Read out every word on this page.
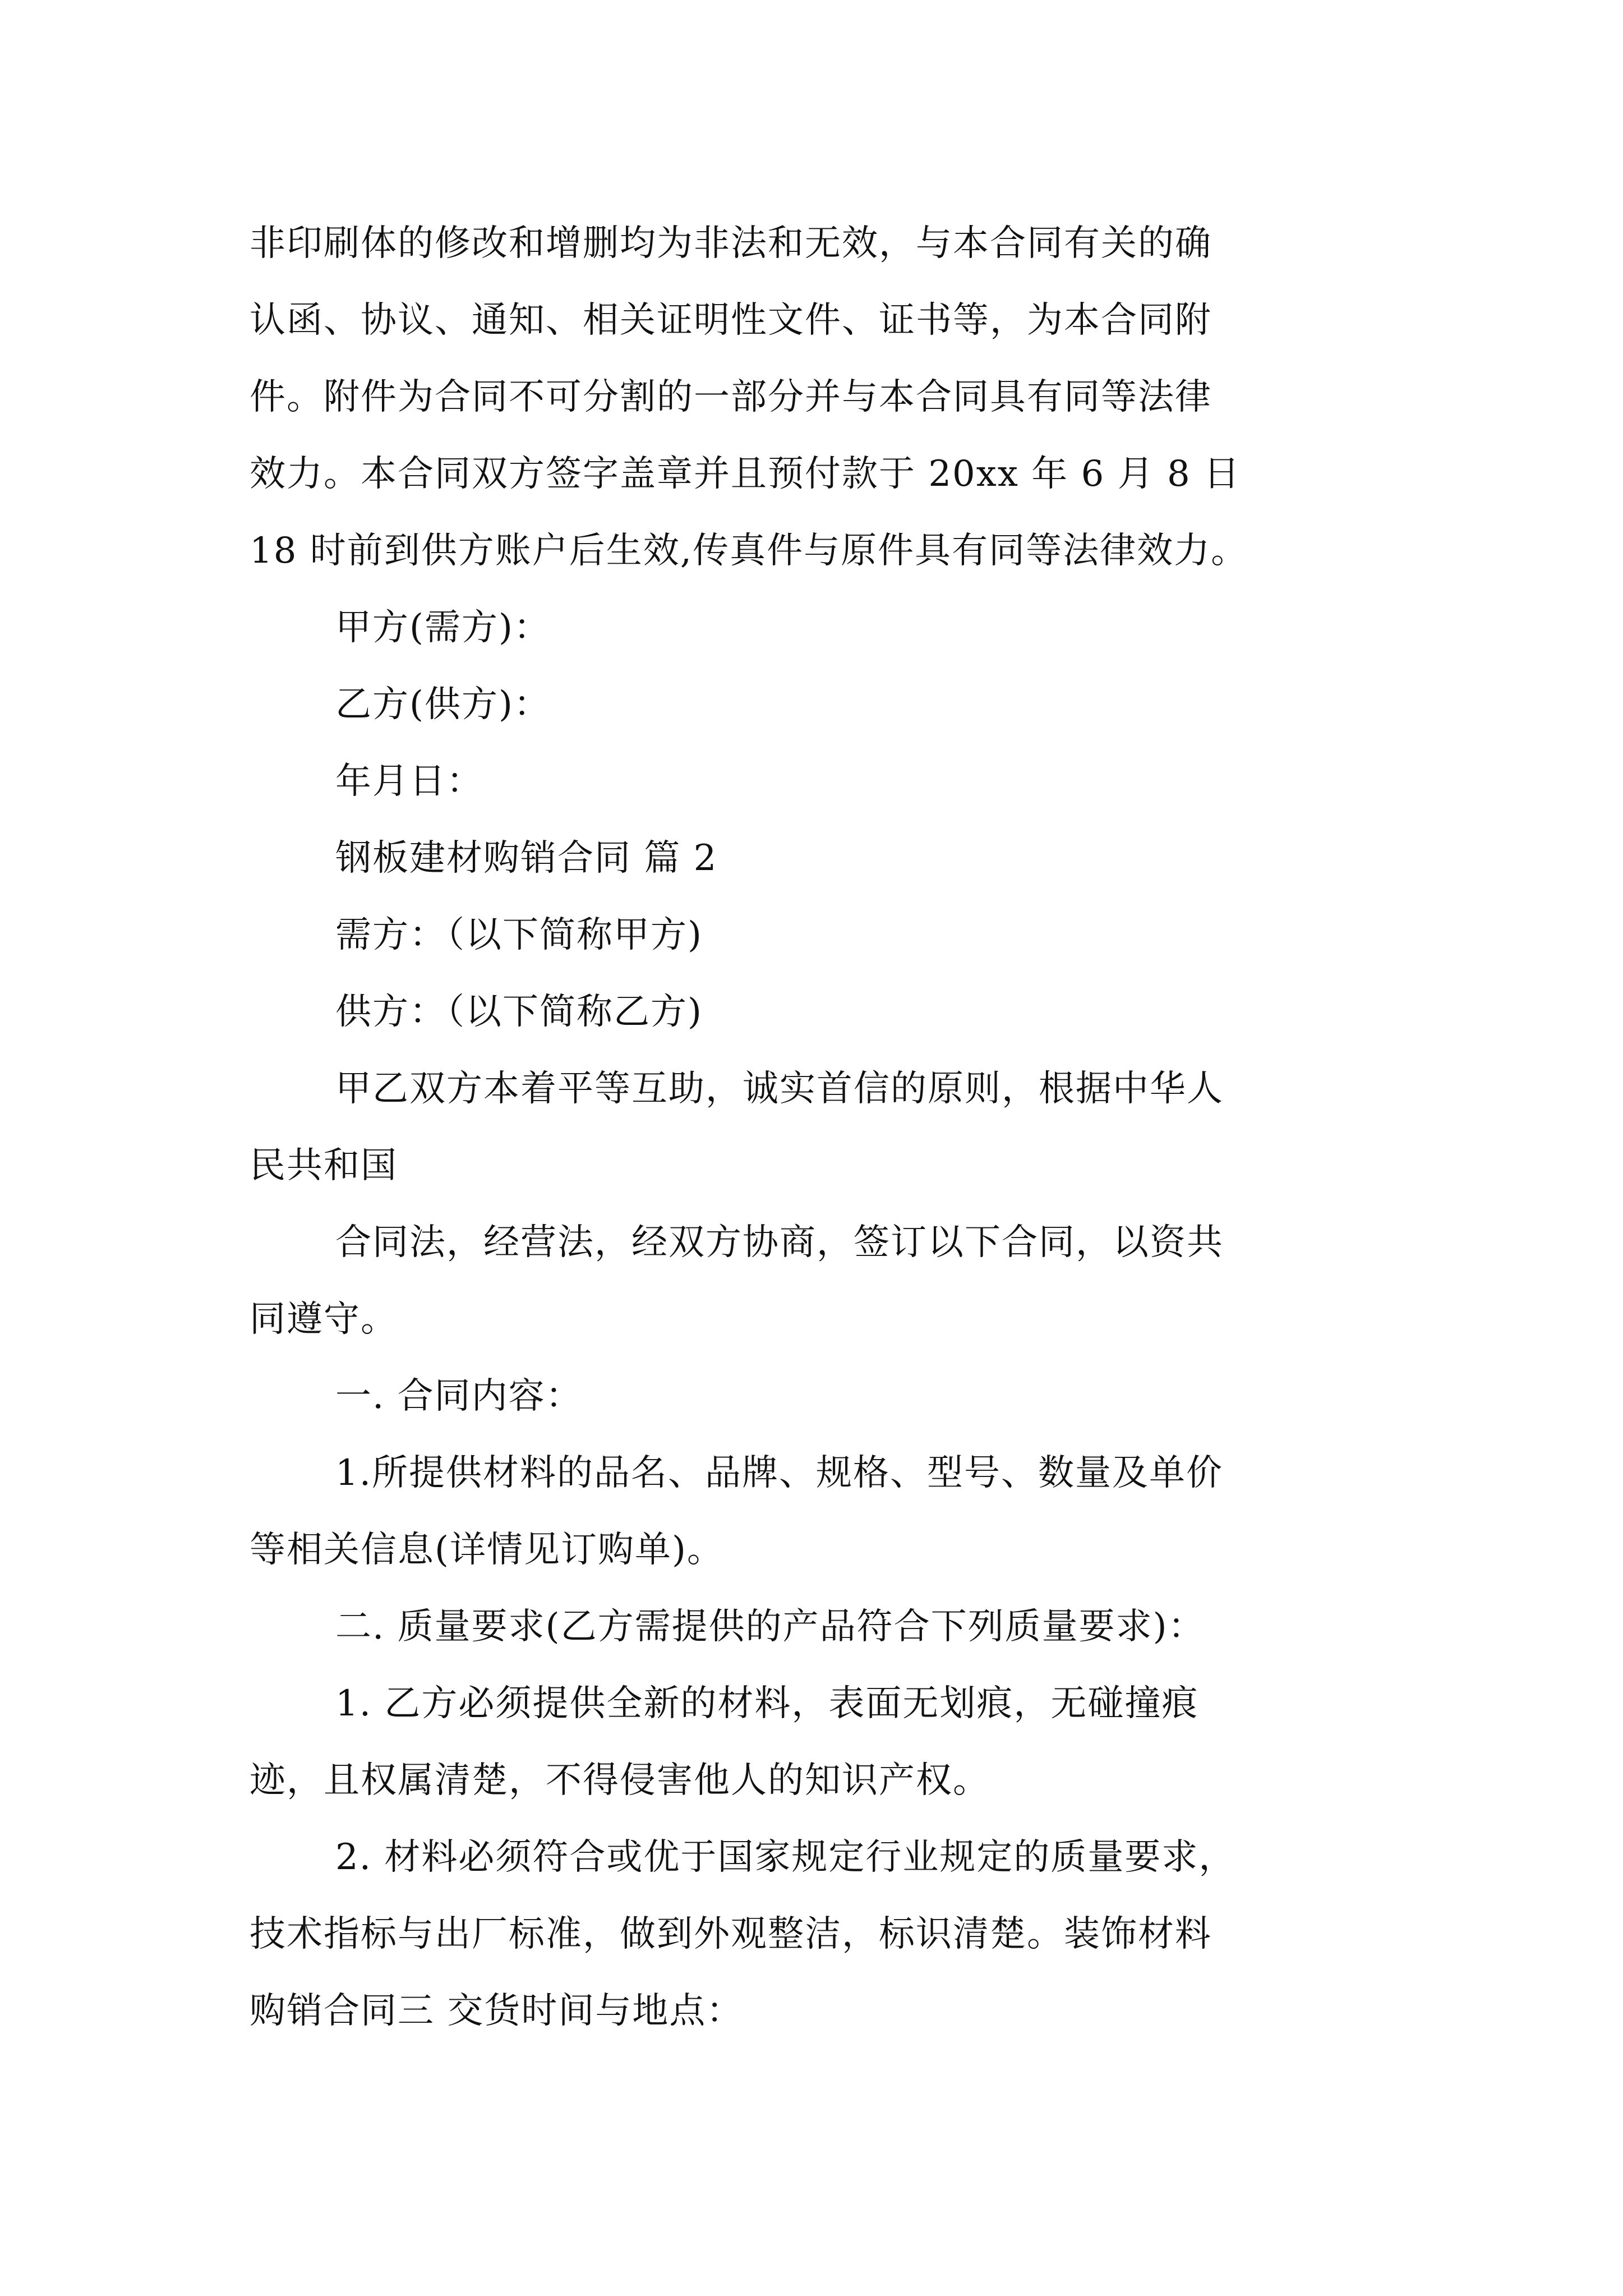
非印刷体的修改和增删均为非法和无效，与本合同有关的确
认函、协议、通知、相关证明性文件、证书等，为本合同附
件。附件为合同不可分割的一部分并与本合同具有同等法律
效力。本合同双方签字盖章并且预付款于 20xx 年 6 月 8 日
18 时前到供方账户后生效,传真件与原件具有同等法律效力。
甲方(需方)：
乙方(供方)：
年月日：
钢板建材购销合同 篇 2
需方：（以下简称甲方)
供方：（以下简称乙方)
甲乙双方本着平等互助，诚实首信的原则，根据中华人
民共和国
合同法，经营法，经双方协商，签订以下合同，以资共
同遵守。
一. 合同内容：
1.所提供材料的品名、品牌、规格、型号、数量及单价
等相关信息(详情见订购单)。
二. 质量要求(乙方需提供的产品符合下列质量要求)：
1. 乙方必须提供全新的材料，表面无划痕，无碰撞痕
迹，且权属清楚，不得侵害他人的知识产权。
2. 材料必须符合或优于国家规定行业规定的质量要求，
技术指标与出厂标准，做到外观整洁，标识清楚。装饰材料
购销合同三 交货时间与地点：
